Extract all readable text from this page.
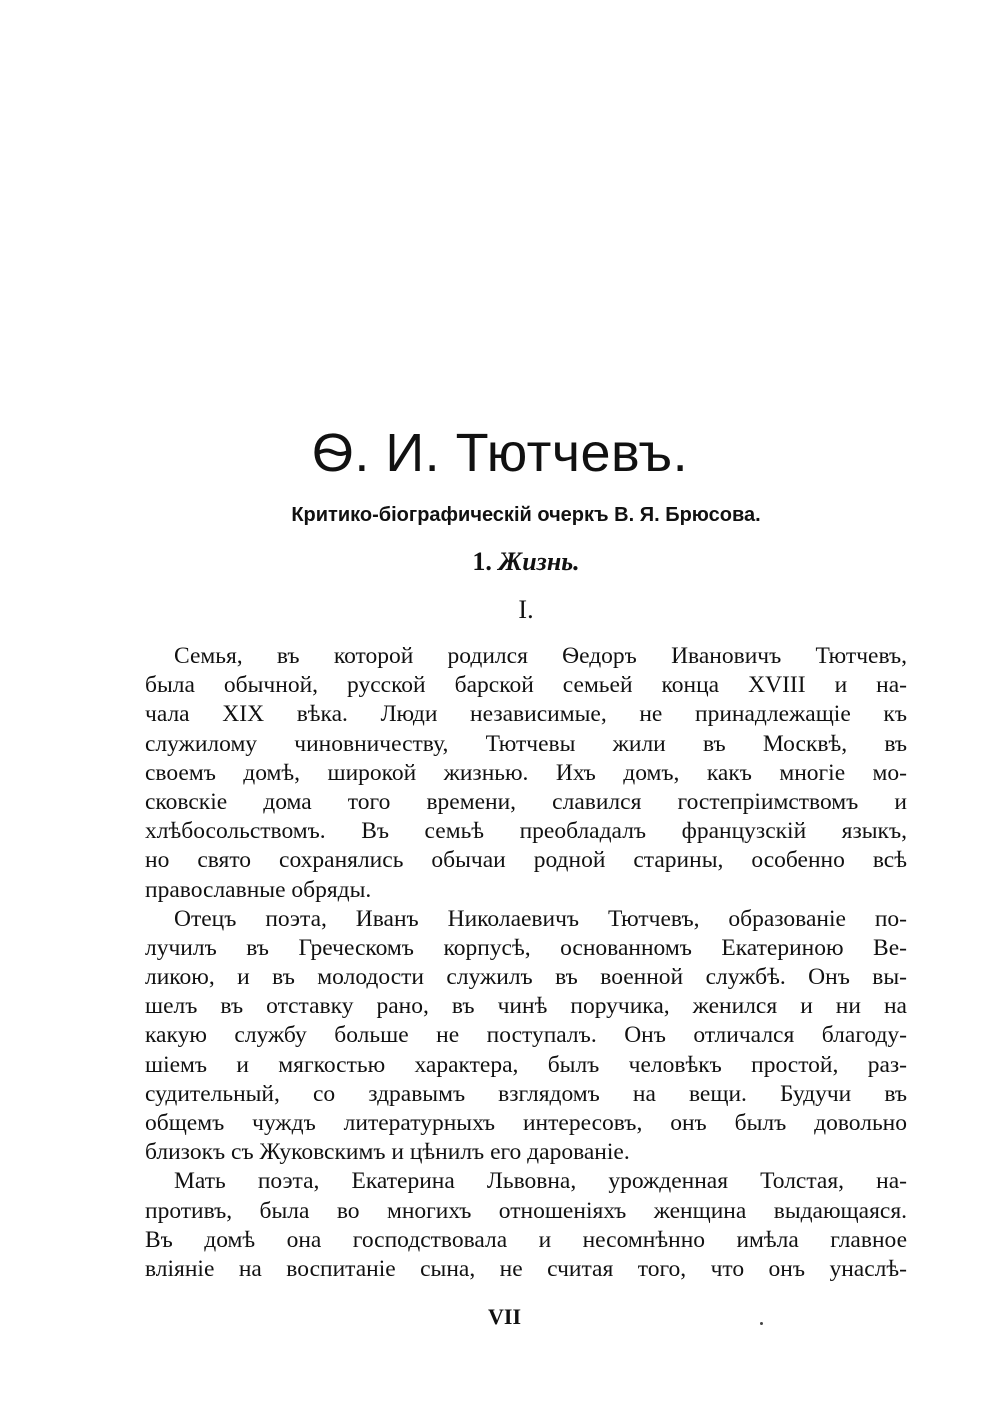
Ѳ. И. Тютчевъ.
Критико-біографическій очеркъ В. Я. Брюсова.
1. Жизнь.
I.
Семья, въ которой родился Ѳедоръ Ивановичъ Тютчевъ,
была обычной, русской барской семьей конца XVIII и на-
чала XIX вѣка. Люди независимые, не принадлежащіе къ
служилому чиновничеству, Тютчевы жили въ Москвѣ, въ
своемъ домѣ, широкой жизнью. Ихъ домъ, какъ многіе мо-
сковскіе дома того времени, славился гостепріимствомъ и
хлѣбосольствомъ. Въ семьѣ преобладалъ французскій языкъ,
но свято сохранялись обычаи родной старины, особенно всѣ
православные обряды.
Отецъ поэта, Иванъ Николаевичъ Тютчевъ, образованіе по-
лучилъ въ Греческомъ корпусѣ, основанномъ Екатериною Ве-
ликою, и въ молодости служилъ въ военной службѣ. Онъ вы-
шелъ въ отставку рано, въ чинѣ поручика, женился и ни на
какую службу больше не поступалъ. Онъ отличался благоду-
шіемъ и мягкостью характера, былъ человѣкъ простой, раз-
судительный, со здравымъ взглядомъ на вещи. Будучи въ
общемъ чуждъ литературныхъ интересовъ, онъ былъ довольно
близокъ съ Жуковскимъ и цѣнилъ его дарованіе.
Мать поэта, Екатерина Львовна, урожденная Толстая, на-
противъ, была во многихъ отношеніяхъ женщина выдающаяся.
Въ домѣ она господствовала и несомнѣнно имѣла главное
вліяніе на воспитаніе сына, не считая того, что онъ унаслѣ-
VII
